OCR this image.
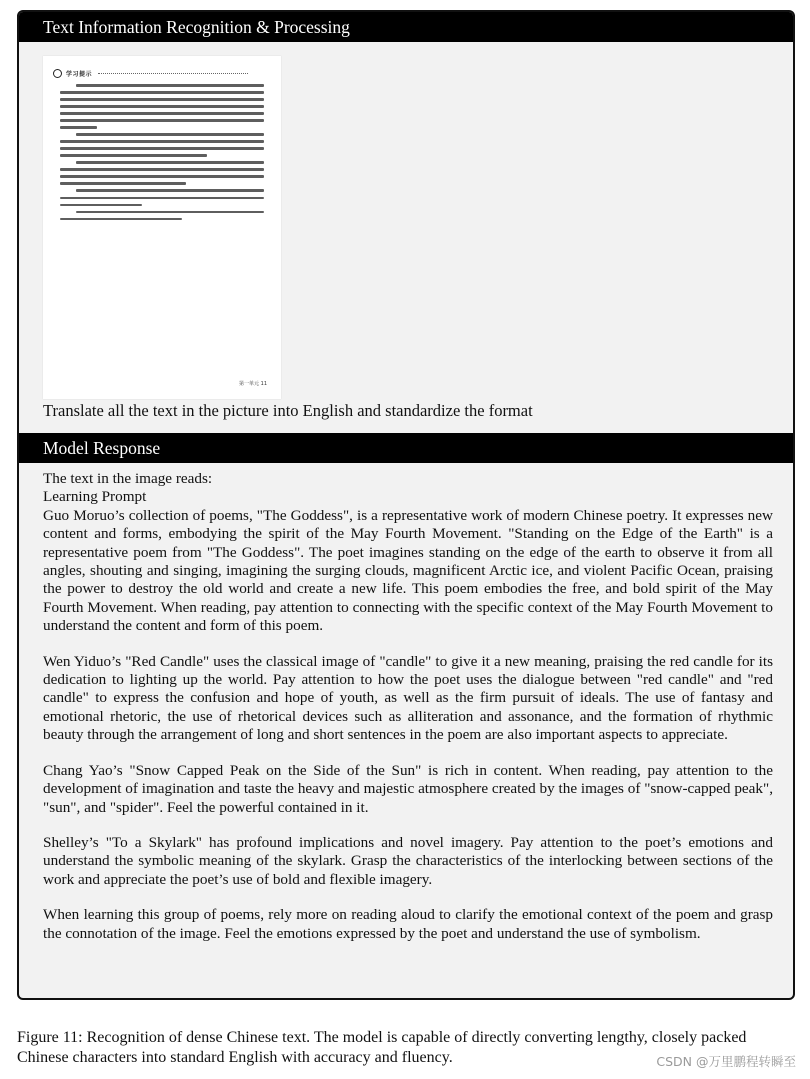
Text Information Recognition & Processing
学习提示
第一单元 11

Translate all the text in the picture into English and standardize the format

Model Response

The text in the image reads:

Learning Prompt

Guo Moruo’s collection of poems, "The Goddess", is a representative work of modern Chinese poetry. It expresses new content and forms, embodying the spirit of the May Fourth Movement. "Standing on the Edge of the Earth" is a representative poem from "The Goddess". The poet imagines standing on the edge of the earth to observe it from all angles, shouting and singing, imagining the surging clouds, magnificent Arctic ice, and violent Pacific Ocean, praising the power to destroy the old world and create a new life. This poem embodies the free, and bold spirit of the May Fourth Movement. When reading, pay attention to connecting with the specific context of the May Fourth Movement to understand the content and form of this poem.

Wen Yiduo’s "Red Candle" uses the classical image of "candle" to give it a new meaning, praising the red candle for its dedication to lighting up the world. Pay attention to how the poet uses the dialogue between "red candle" and "red candle" to express the confusion and hope of youth, as well as the firm pursuit of ideals. The use of fantasy and emotional rhetoric, the use of rhetorical devices such as alliteration and assonance, and the formation of rhythmic beauty through the arrangement of long and short sentences in the poem are also important aspects to appreciate.

Chang Yao’s "Snow Capped Peak on the Side of the Sun" is rich in content. When reading, pay attention to the development of imagination and taste the heavy and majestic atmosphere created by the images of "snow-capped peak", "sun", and "spider". Feel the powerful contained in it.

Shelley’s "To a Skylark" has profound implications and novel imagery. Pay attention to the poet’s emotions and understand the symbolic meaning of the skylark. Grasp the characteristics of the interlocking between sections of the work and appreciate the poet’s use of bold and flexible imagery.

When learning this group of poems, rely more on reading aloud to clarify the emotional context of the poem and grasp the connotation of the image. Feel the emotions expressed by the poet and understand the use of symbolism.

Figure 11: Recognition of dense Chinese text. The model is capable of directly converting lengthy, closely packed Chinese characters into standard English with accuracy and fluency.	CSDN @万里鹏程转瞬至
